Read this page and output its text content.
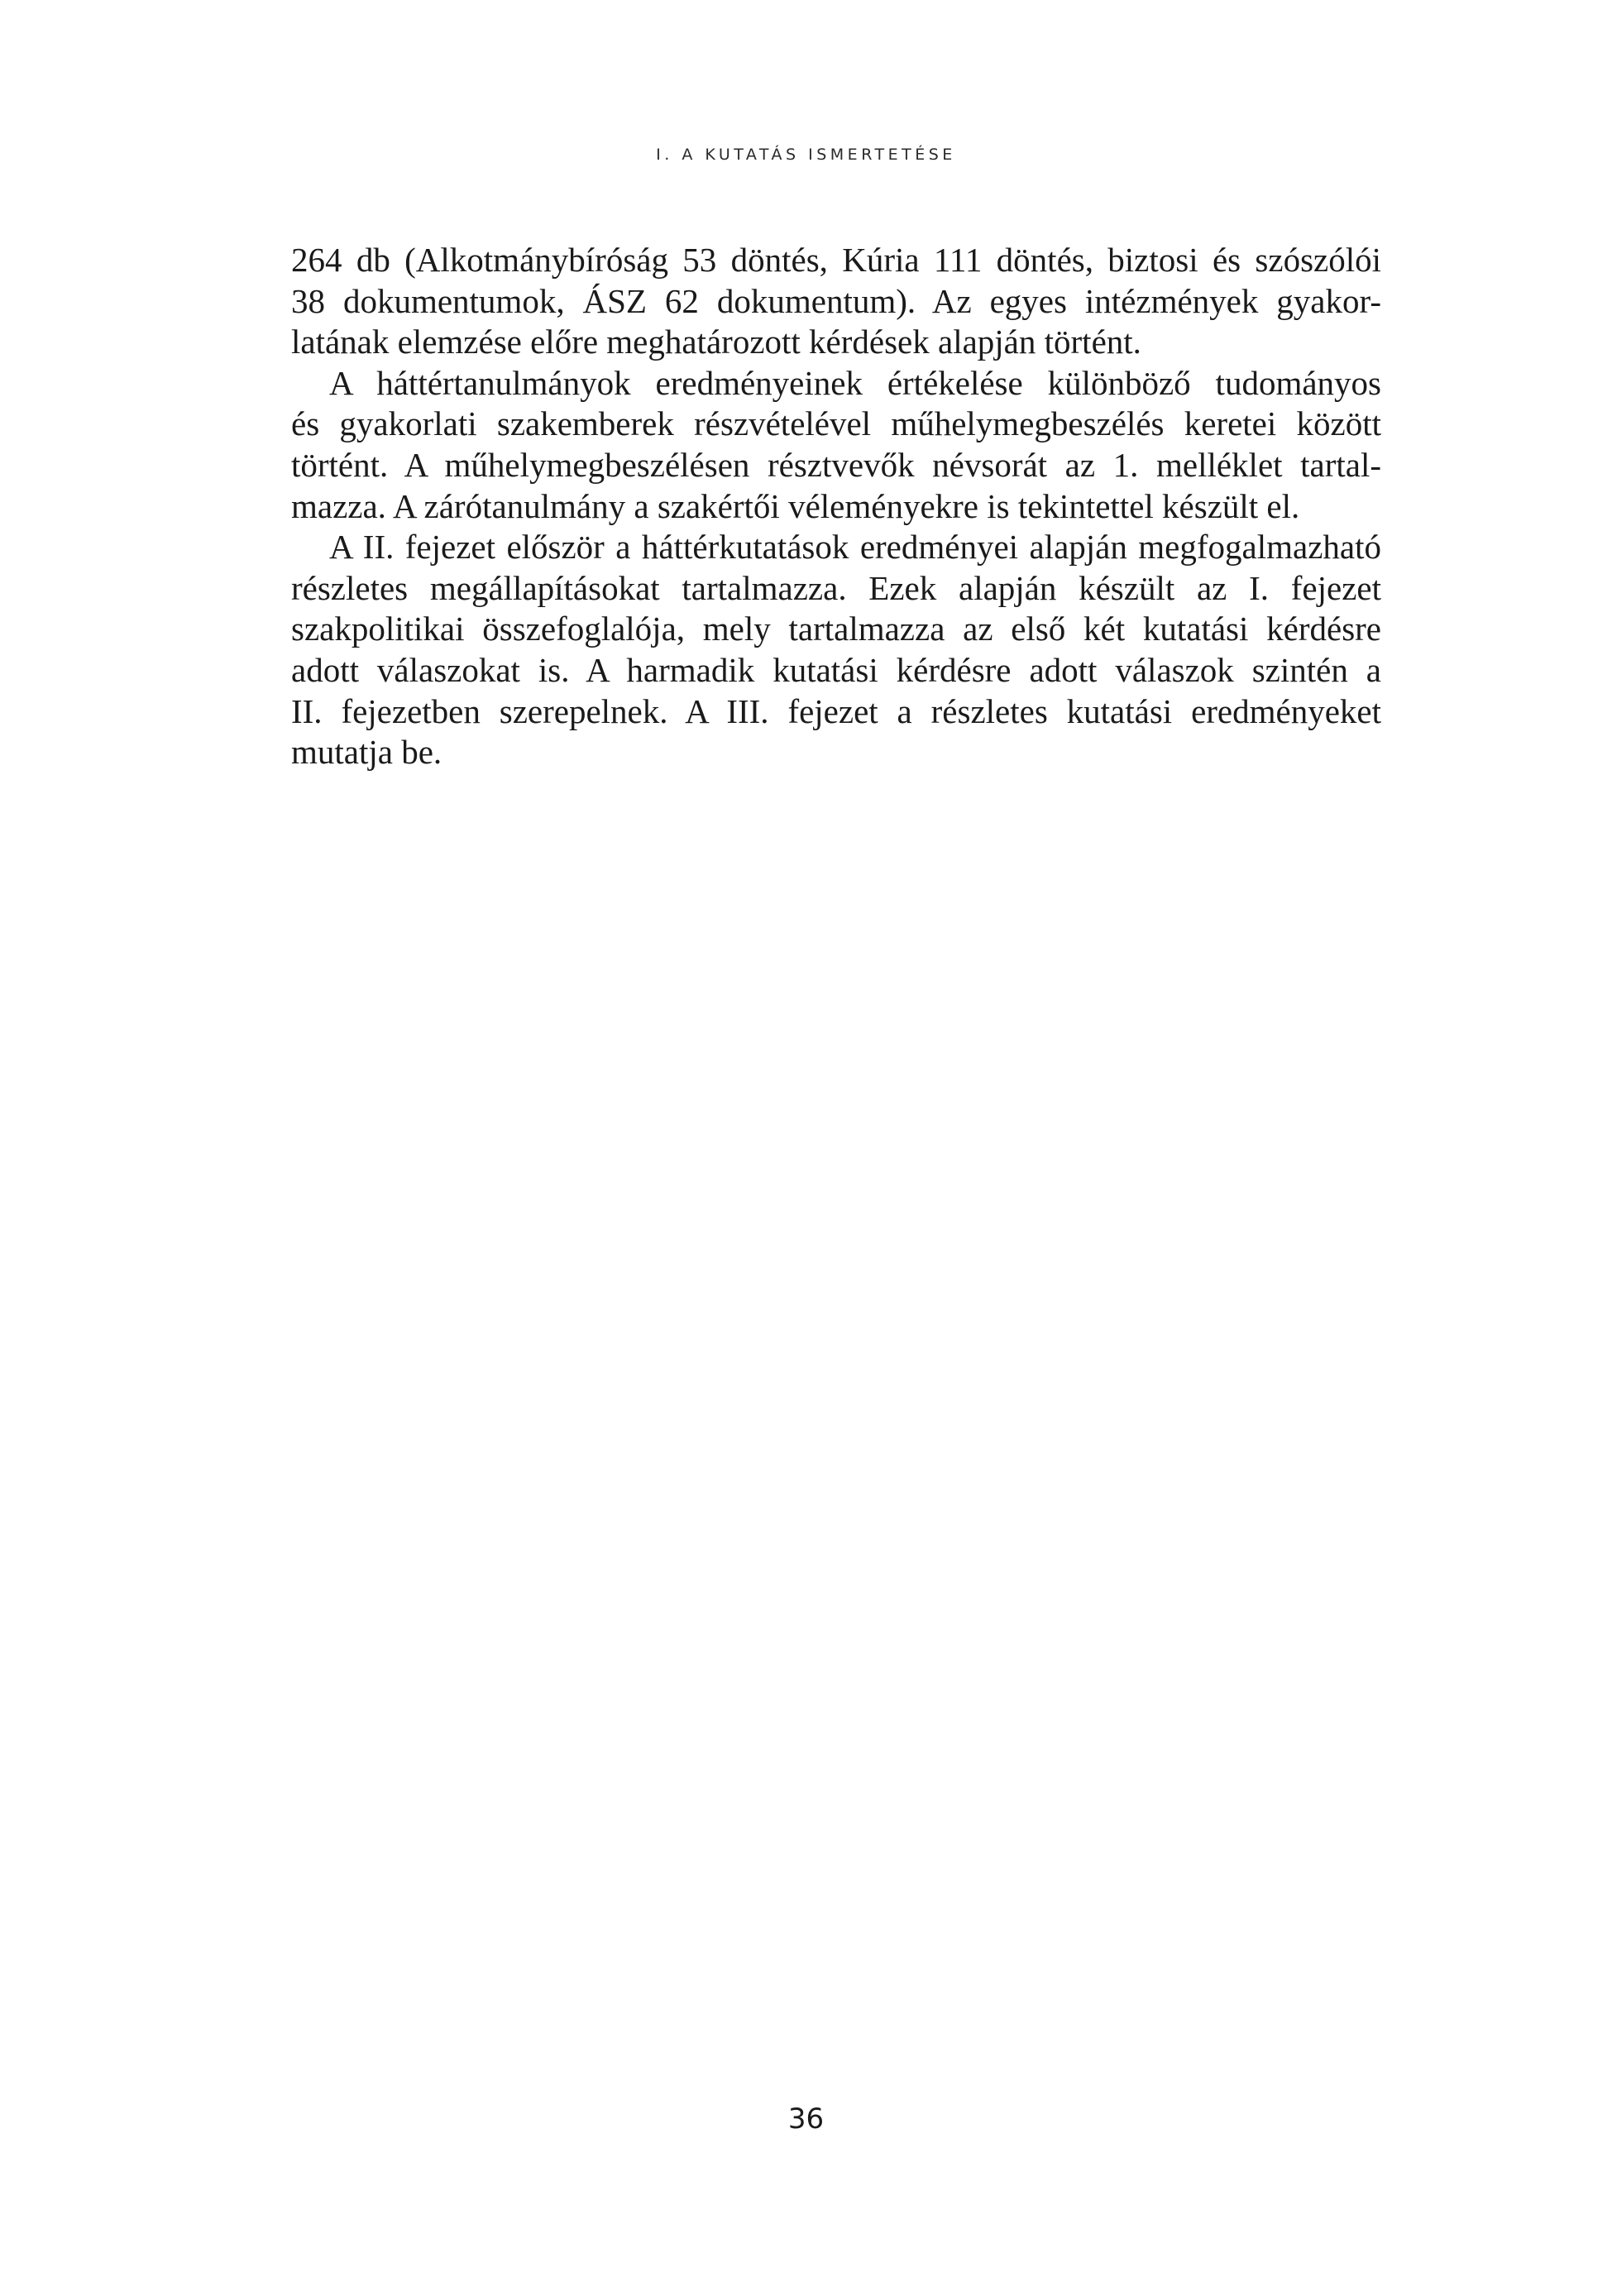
I. A KUTATÁS ISMERTETÉSE
264 db (Alkotmánybíróság 53 döntés, Kúria 111 döntés, biztosi és szószólói
38 dokumentumok, ÁSZ 62 dokumentum). Az egyes intézmények gyakor-
latának elemzése előre meghatározott kérdések alapján történt.
A háttértanulmányok eredményeinek értékelése különböző tudományos
és gyakorlati szakemberek részvételével műhelymegbeszélés keretei között
történt. A műhelymegbeszélésen résztvevők névsorát az 1. melléklet tartal-
mazza. A zárótanulmány a szakértői véleményekre is tekintettel készült el.
A II. fejezet először a háttérkutatások eredményei alapján megfogalmazható
részletes megállapításokat tartalmazza. Ezek alapján készült az I. fejezet
szakpolitikai összefoglalója, mely tartalmazza az első két kutatási kérdésre
adott válaszokat is. A harmadik kutatási kérdésre adott válaszok szintén a
II. fejezetben szerepelnek. A III. fejezet a részletes kutatási eredményeket
mutatja be.
36
